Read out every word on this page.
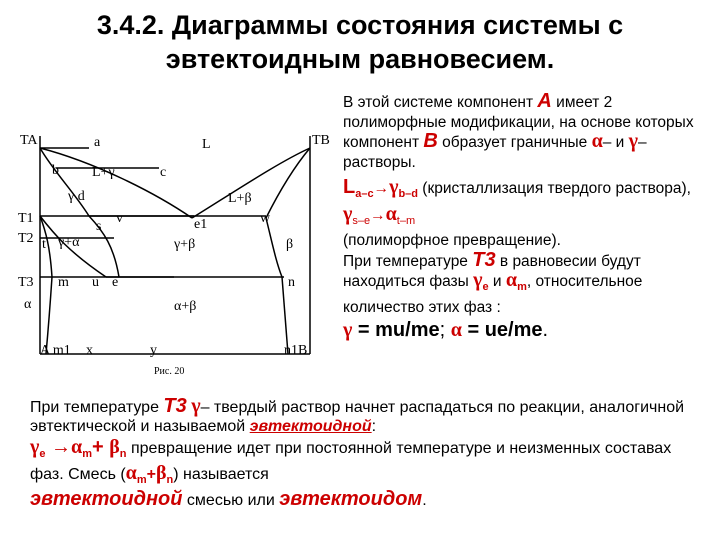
3.4.2. Диаграммы состояния системы с
эвтектоидным равновесием.
TA	a	L	TB
b L+γ	c
γ d	L+β
T1	v	e1	w
s
T2 t γ+α	γ+β	β
T3 m u e	n
α	α+β
A m1 x	y	n1B
Рис. 20

В этой системе компонент А имеет 2 полиморфные модификации, на основе которых компонент В образует граничные α– и γ– растворы.

$L_{a-c}\to\gamma_{b-d}$ (кристаллизация твердого раствора), $\gamma_{s-e}\to\alpha_{t-m}$

(полиморфное превращение).

При температуре Т3 в равновесии будут находиться фазы $\gamma_e$ и $\alpha_m$, относительное количество этих фаз :

γ = mu/me; α = ue/me.

При температуре Т3 γ– твердый раствор начнет распадаться по реакции, аналогичной эвтектической и называемой эвтектоидной:

$\gamma_e \to\alpha_m+ \beta_n$ превращение идет при постоянной температуре и неизменных составах фаз. Смесь $(\alpha_m+\beta_n)$ называется

эвтектоидной смесью или эвтектоидом.
